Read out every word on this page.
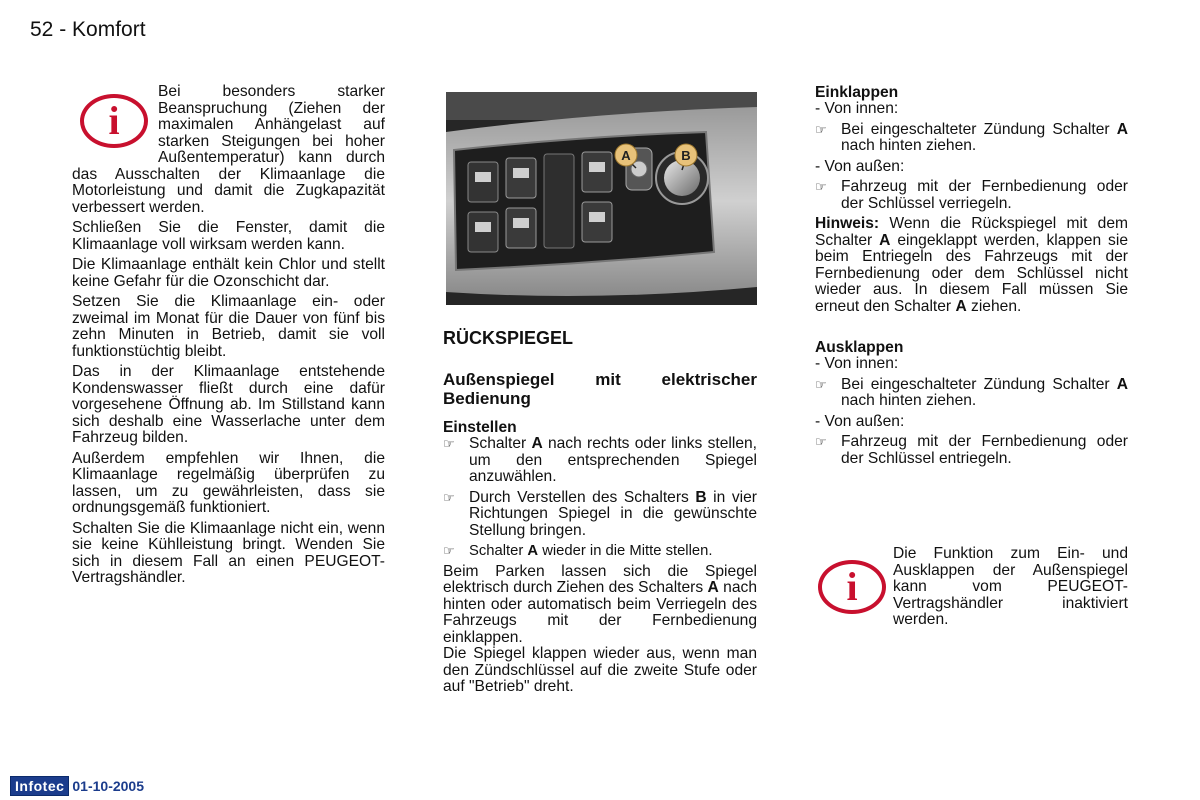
52 - Komfort
i

Bei besonders starker Beanspruchung (Ziehen der maximalen Anhängelast auf starken Steigungen bei hoher Außentemperatur) kann durch das Ausschalten der Klimaanlage die Motorleistung und damit die Zugkapazität verbessert werden.

Schließen Sie die Fenster, damit die Klimaanlage voll wirksam werden kann.

Die Klimaanlage enthält kein Chlor und stellt keine Gefahr für die Ozonschicht dar.

Setzen Sie die Klimaanlage ein- oder zweimal im Monat für die Dauer von fünf bis zehn Minuten in Betrieb, damit sie voll funktionstüchtig bleibt.

Das in der Klimaanlage entstehende Kondenswasser fließt durch eine dafür vorgesehene Öffnung ab. Im Stillstand kann sich deshalb eine Wasserlache unter dem Fahrzeug bilden.

Außerdem empfehlen wir Ihnen, die Klimaanlage regelmäßig überprüfen zu lassen, um zu gewährleisten, dass sie ordnungsgemäß funktioniert.

Schalten Sie die Klimaanlage nicht ein, wenn sie keine Kühlleistung bringt. Wenden Sie sich in diesem Fall an einen PEUGEOT- Vertragshändler.

A	B
RÜCKSPIEGEL
Außenspiegel mit elektrischer Bedienung
Einstellen
☞ Schalter A nach rechts oder links stellen, um den entsprechenden Spiegel anzuwählen.
☞ Durch Verstellen des Schalters B in vier Richtungen Spiegel in die gewünschte Stellung bringen.
☞ Schalter A wieder in die Mitte stellen.

Beim Parken lassen sich die Spiegel elektrisch durch Ziehen des Schalters A nach hinten oder automatisch beim Verriegeln des Fahrzeugs mit der Fernbedienung einklappen.

Die Spiegel klappen wieder aus, wenn man den Zündschlüssel auf die zweite Stufe oder auf "Betrieb" dreht.

Einklappen
- Von innen:
☞ Bei eingeschalteter Zündung Schalter A nach hinten ziehen.
- Von außen:
☞ Fahrzeug mit der Fernbedienung oder der Schlüssel verriegeln.

Hinweis: Wenn die Rückspiegel mit dem Schalter A eingeklappt werden, klappen sie beim Entriegeln des Fahrzeugs mit der Fernbedienung oder dem Schlüssel nicht wieder aus. In diesem Fall müssen Sie erneut den Schalter A ziehen.

Ausklappen
- Von innen:
☞ Bei eingeschalteter Zündung Schalter A nach hinten ziehen.
- Von außen:
☞ Fahrzeug mit der Fernbedienung oder der Schlüssel entriegeln.
i
Die Funktion zum Ein- und Ausklappen der Außenspiegel kann vom PEUGEOT-Vertragshändler inaktiviert werden.
Infotec 01-10-2005
